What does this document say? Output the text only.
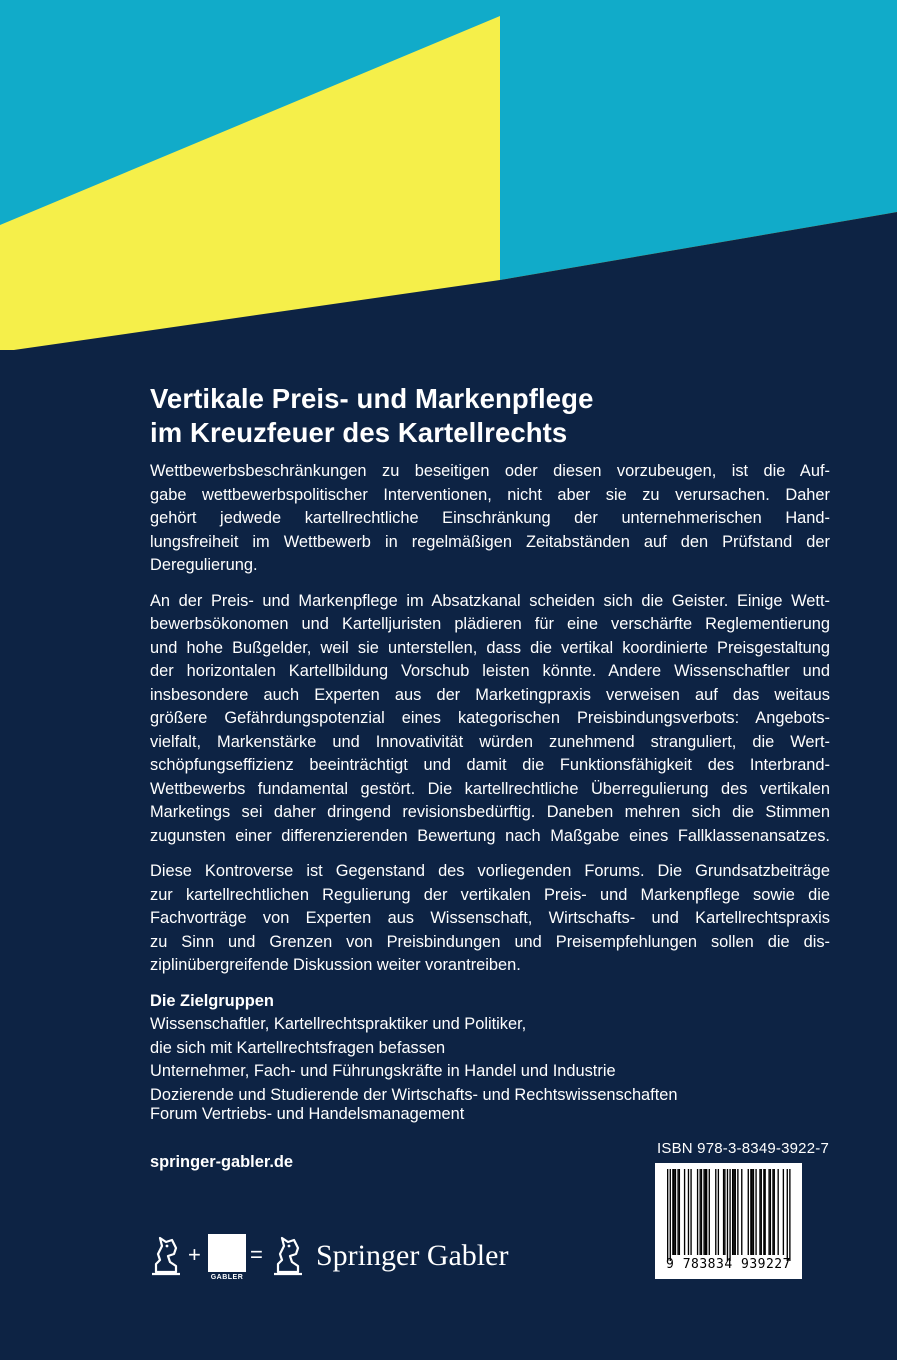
Vertikale Preis- und Markenpflege
im Kreuzfeuer des Kartellrechts
Wettbewerbsbeschränkungen zu beseitigen oder diesen vorzubeugen, ist die Auf-
gabe wettbewerbspolitischer Interventionen, nicht aber sie zu verursachen. Daher
gehört jedwede kartellrechtliche Einschränkung der unternehmerischen Hand-
lungsfreiheit im Wettbewerb in regelmäßigen Zeitabständen auf den Prüfstand der
Deregulierung.
An der Preis- und Markenpflege im Absatzkanal scheiden sich die Geister. Einige Wett-
bewerbsökonomen und Kartelljuristen plädieren für eine verschärfte Reglementierung
und hohe Bußgelder, weil sie unterstellen, dass die vertikal koordinierte Preisgestaltung
der horizontalen Kartellbildung Vorschub leisten könnte. Andere Wissenschaftler und
insbesondere auch Experten aus der Marketingpraxis verweisen auf das weitaus
größere Gefährdungspotenzial eines kategorischen Preisbindungsverbots: Angebots-
vielfalt, Markenstärke und Innovativität würden zunehmend stranguliert, die Wert-
schöpfungseffizienz beeinträchtigt und damit die Funktionsfähigkeit des Interbrand-
Wettbewerbs fundamental gestört. Die kartellrechtliche Überregulierung des vertikalen
Marketings sei daher dringend revisionsbedürftig. Daneben mehren sich die Stimmen
zugunsten einer differenzierenden Bewertung nach Maßgabe eines Fallklassenansatzes.
Diese Kontroverse ist Gegenstand des vorliegenden Forums. Die Grundsatzbeiträge
zur kartellrechtlichen Regulierung der vertikalen Preis- und Markenpflege sowie die
Fachvorträge von Experten aus Wissenschaft, Wirtschafts- und Kartellrechtspraxis
zu Sinn und Grenzen von Preisbindungen und Preisempfehlungen sollen die dis-
ziplinübergreifende Diskussion weiter vorantreiben.
Die Zielgruppen
Wissenschaftler, Kartellrechtspraktiker und Politiker,
die sich mit Kartellrechtsfragen befassen
Unternehmer, Fach- und Führungskräfte in Handel und Industrie
Dozierende und Studierende der Wirtschafts- und Rechtswissenschaften
Forum Vertriebs- und Handelsmanagement
springer-gabler.de
ISBN 978-3-8349-3922-7
9 783834 939227
+
GABLER
= Springer Gabler
